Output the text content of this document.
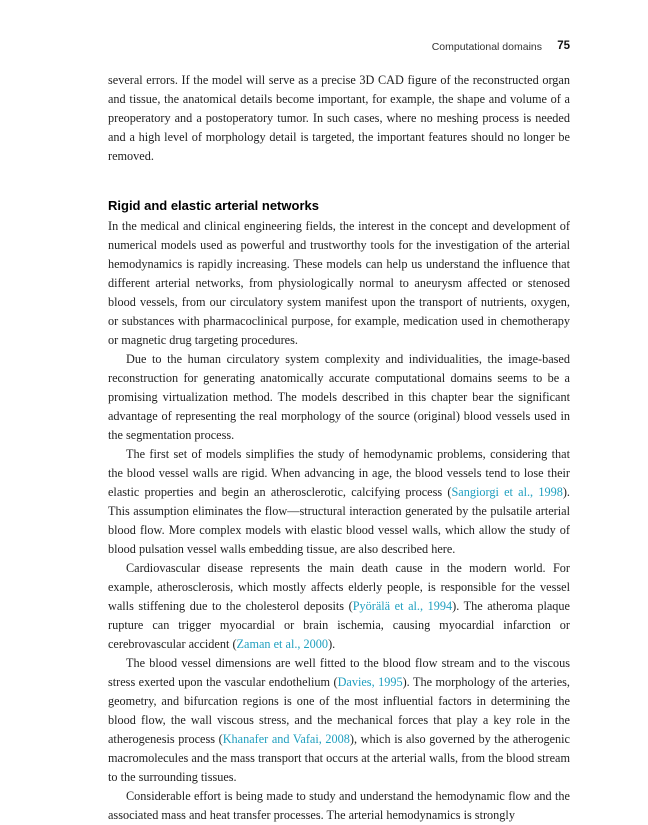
Computational domains 75

several errors. If the model will serve as a precise 3D CAD figure of the reconstructed organ and tissue, the anatomical details become important, for example, the shape and volume of a preoperatory and a postoperatory tumor. In such cases, where no meshing process is needed and a high level of morphology detail is targeted, the important features should no longer be removed.

Rigid and elastic arterial networks

In the medical and clinical engineering fields, the interest in the concept and development of numerical models used as powerful and trustworthy tools for the investigation of the arterial hemodynamics is rapidly increasing. These models can help us understand the influence that different arterial networks, from physiologically normal to aneurysm affected or stenosed blood vessels, from our circulatory system manifest upon the transport of nutrients, oxygen, or substances with pharmacoclinical purpose, for example, medication used in chemotherapy or magnetic drug targeting procedures.

Due to the human circulatory system complexity and individualities, the image-based reconstruction for generating anatomically accurate computational domains seems to be a promising virtualization method. The models described in this chapter bear the significant advantage of representing the real morphology of the source (original) blood vessels used in the segmentation process.

The first set of models simplifies the study of hemodynamic problems, considering that the blood vessel walls are rigid. When advancing in age, the blood vessels tend to lose their elastic properties and begin an atherosclerotic, calcifying process (Sangiorgi et al., 1998). This assumption eliminates the flow—structural interaction generated by the pulsatile arterial blood flow. More complex models with elastic blood vessel walls, which allow the study of blood pulsation vessel walls embedding tissue, are also described here.

Cardiovascular disease represents the main death cause in the modern world. For example, atherosclerosis, which mostly affects elderly people, is responsible for the vessel walls stiffening due to the cholesterol deposits (Pyörälä et al., 1994). The atheroma plaque rupture can trigger myocardial or brain ischemia, causing myocardial infarction or cerebrovascular accident (Zaman et al., 2000).

The blood vessel dimensions are well fitted to the blood flow stream and to the viscous stress exerted upon the vascular endothelium (Davies, 1995). The morphology of the arteries, geometry, and bifurcation regions is one of the most influential factors in determining the blood flow, the wall viscous stress, and the mechanical forces that play a key role in the atherogenesis process (Khanafer and Vafai, 2008), which is also governed by the atherogenic macromolecules and the mass transport that occurs at the arterial walls, from the blood stream to the surrounding tissues.

Considerable effort is being made to study and understand the hemodynamic flow and the associated mass and heat transfer processes. The arterial hemodynamics is strongly
